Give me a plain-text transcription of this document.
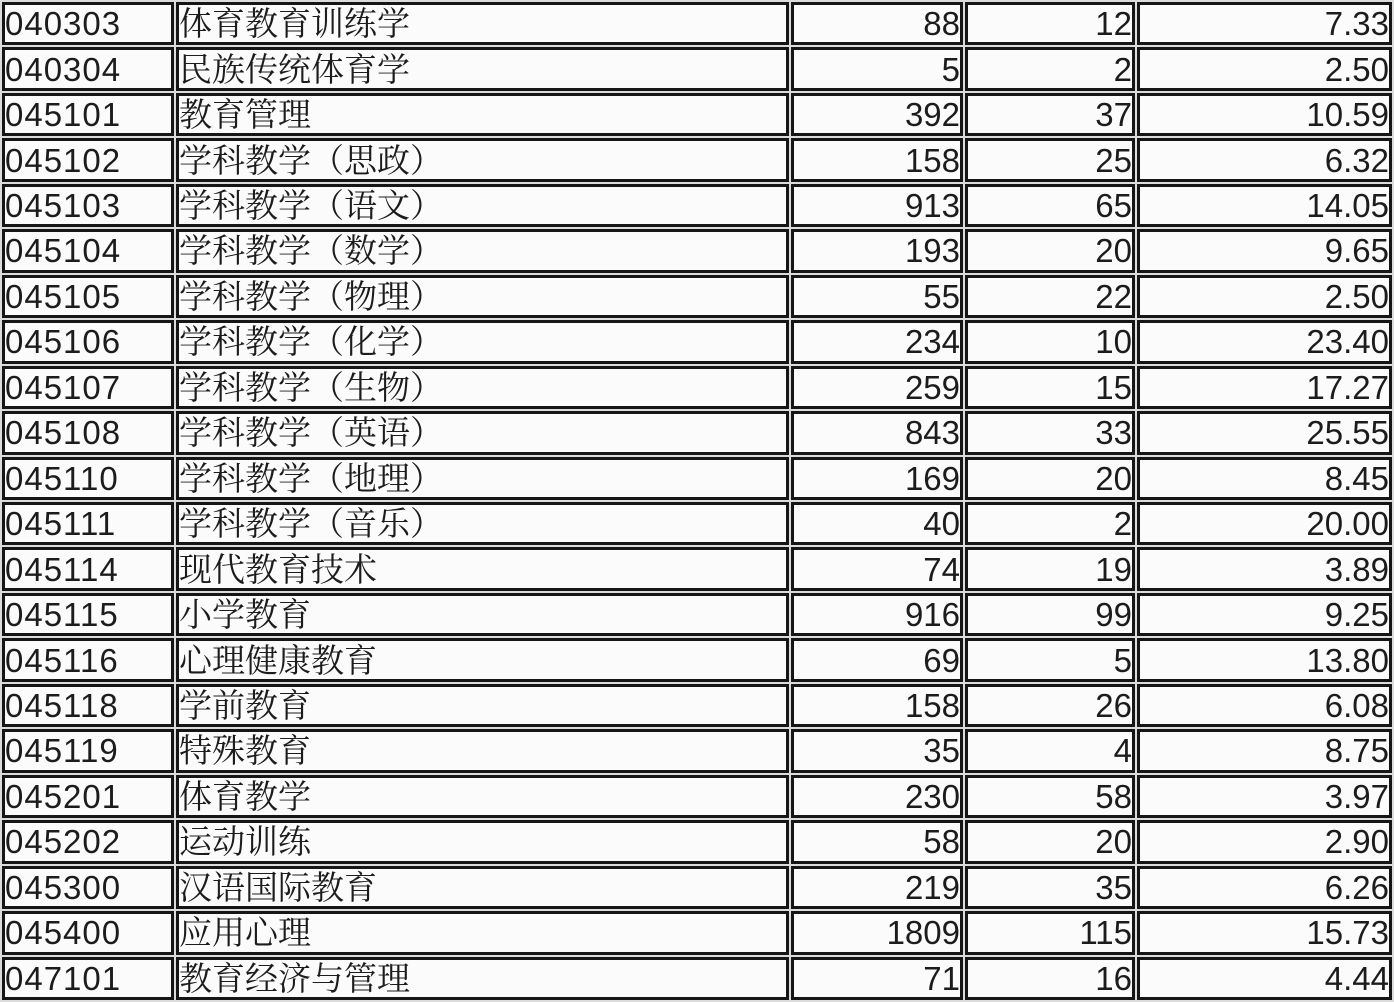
040303	体育教育训练学	88	12	7.33
040304	民族传统体育学	5	2	2.50
045101	教育管理	392	37	10.59
045102	学科教学（思政）	158	25	6.32
045103	学科教学（语文）	913	65	14.05
045104	学科教学（数学）	193	20	9.65
045105	学科教学（物理）	55	22	2.50
045106	学科教学（化学）	234	10	23.40
045107	学科教学（生物）	259	15	17.27
045108	学科教学（英语）	843	33	25.55
045110	学科教学（地理）	169	20	8.45
045111	学科教学（音乐）	40	2	20.00
045114	现代教育技术	74	19	3.89
045115	小学教育	916	99	9.25
045116	心理健康教育	69	5	13.80
045118	学前教育	158	26	6.08
045119	特殊教育	35	4	8.75
045201	体育教学	230	58	3.97
045202	运动训练	58	20	2.90
045300	汉语国际教育	219	35	6.26
045400	应用心理	1809	115	15.73
047101	教育经济与管理	71	16	4.44
